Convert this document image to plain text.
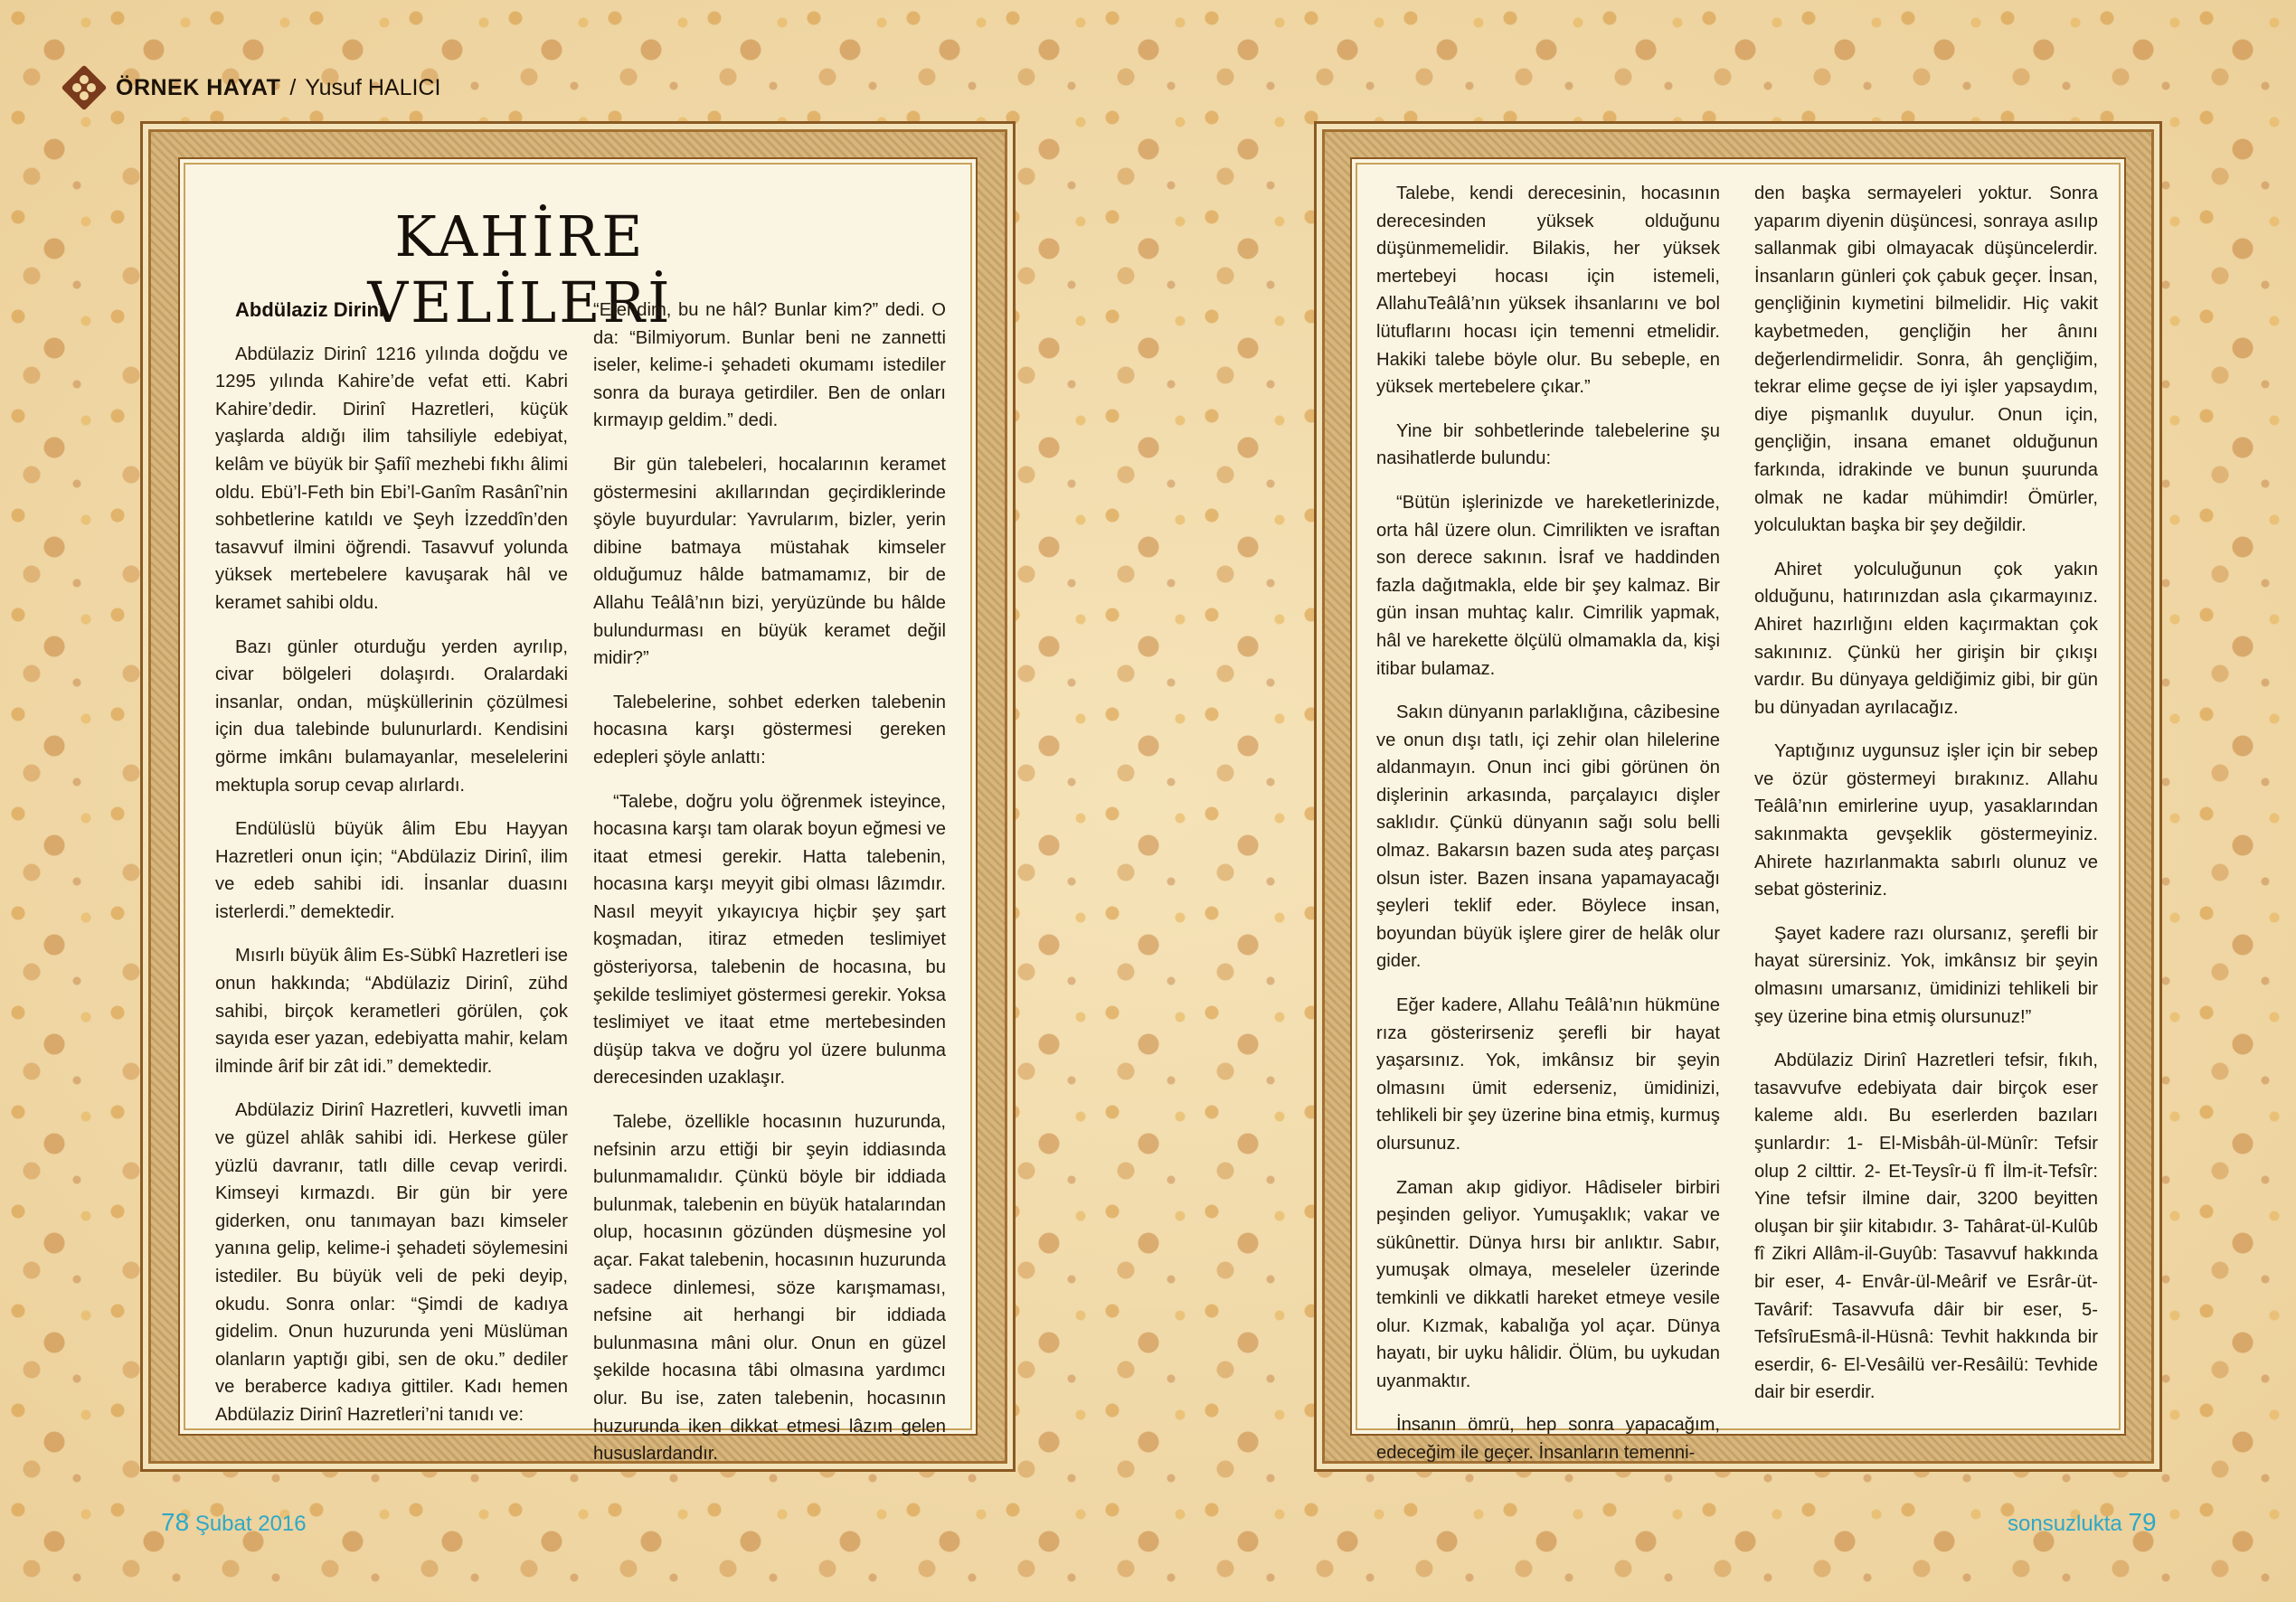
ÖRNEK HAYAT / Yusuf HALICI
KAHİRE VELİLERİ
Abdülaziz Dirinî

Abdülaziz Dirinî 1216 yılında doğdu ve 1295 yılında Kahire’de vefat etti. Kabri Kahire’dedir. Dirinî Hazretleri, küçük yaşlarda aldığı ilim tahsiliyle edebiyat, kelâm ve büyük bir Şafiî mezhebi fıkhı âlimi oldu. Ebü’l-Feth bin Ebi’l-Ganîm Rasânî’nin sohbetlerine katıldı ve Şeyh İzzeddîn’den tasavvuf ilmini öğrendi. Tasavvuf yolunda yüksek mertebelere kavuşarak hâl ve keramet sahibi oldu.

Bazı günler oturduğu yerden ayrılıp, civar bölgeleri dolaşırdı. Oralardaki insanlar, ondan, müşküllerinin çözülmesi için dua talebinde bulunurlardı. Kendisini görme imkânı bulamayanlar, meselelerini mektupla sorup cevap alırlardı.

Endülüslü büyük âlim Ebu Hayyan Hazretleri onun için; “Abdülaziz Dirinî, ilim ve edeb sahibi idi. İnsanlar duasını isterlerdi.” demektedir.

Mısırlı büyük âlim Es-Sübkî Hazretleri ise onun hakkında; “Abdülaziz Dirinî, zühd sahibi, birçok kerametleri görülen, çok sayıda eser yazan, edebiyatta mahir, kelam ilminde ârif bir zât idi.” demektedir.

Abdülaziz Dirinî Hazretleri, kuvvetli iman ve güzel ahlâk sahibi idi. Herkese güler yüzlü davranır, tatlı dille cevap verirdi. Kimseyi kırmazdı. Bir gün bir yere giderken, onu tanımayan bazı kimseler yanına gelip, kelime-i şehadeti söylemesini istediler. Bu büyük veli de peki deyip, okudu. Sonra onlar: “Şimdi de kadıya gidelim. Onun huzurunda yeni Müslüman olanların yaptığı gibi, sen de oku.” dediler ve beraberce kadıya gittiler. Kadı hemen Abdülaziz Dirinî Hazretleri’ni tanıdı ve:

“Efendim, bu ne hâl? Bunlar kim?” dedi. O da: “Bilmiyorum. Bunlar beni ne zannetti iseler, kelime-i şehadeti okumamı istediler sonra da buraya getirdiler. Ben de onları kırmayıp geldim.” dedi.

Bir gün talebeleri, hocalarının keramet göstermesini akıllarından geçirdiklerinde şöyle buyurdular: Yavrularım, bizler, yerin dibine batmaya müstahak kimseler olduğumuz hâlde batmamamız, bir de Allahu Teâlâ’nın bizi, yeryüzünde bu hâlde bulundurması en büyük keramet değil midir?”

Talebelerine, sohbet ederken talebenin hocasına karşı göstermesi gereken edepleri şöyle anlattı:

“Talebe, doğru yolu öğrenmek isteyince, hocasına karşı tam olarak boyun eğmesi ve itaat etmesi gerekir. Hatta talebenin, hocasına karşı meyyit gibi olması lâzımdır. Nasıl meyyit yıkayıcıya hiçbir şey şart koşmadan, itiraz etmeden teslimiyet gösteriyorsa, talebenin de hocasına, bu şekilde teslimiyet göstermesi gerekir. Yoksa teslimiyet ve itaat etme mertebesinden düşüp takva ve doğru yol üzere bulunma derecesinden uzaklaşır.

Talebe, özellikle hocasının huzurunda, nefsinin arzu ettiği bir şeyin iddiasında bulunmamalıdır. Çünkü böyle bir iddiada bulunmak, talebenin en büyük hatalarından olup, hocasının gözünden düşmesine yol açar. Fakat talebenin, hocasının huzurunda sadece dinlemesi, söze karışmaması, nefsine ait herhangi bir iddiada bulunmasına mâni olur. Onun en güzel şekilde hocasına tâbi olmasına yardımcı olur. Bu ise, zaten talebenin, hocasının huzurunda iken dikkat etmesi lâzım gelen hususlardandır.

Talebe, kendi derecesinin, hocasının derecesinden yüksek olduğunu düşünmemelidir. Bilakis, her yüksek mertebeyi hocası için istemeli, AllahuTeâlâ’nın yüksek ihsanlarını ve bol lütuflarını hocası için temenni etmelidir. Hakiki talebe böyle olur. Bu sebeple, en yüksek mertebelere çıkar.”

Yine bir sohbetlerinde talebelerine şu nasihatlerde bulundu:

“Bütün işlerinizde ve hareketlerinizde, orta hâl üzere olun. Cimrilikten ve israftan son derece sakının. İsraf ve haddinden fazla dağıtmakla, elde bir şey kalmaz. Bir gün insan muhtaç kalır. Cimrilik yapmak, hâl ve harekette ölçülü olmamakla da, kişi itibar bulamaz.

Sakın dünyanın parlaklığına, câzibesine ve onun dışı tatlı, içi zehir olan hilelerine aldanmayın. Onun inci gibi görünen ön dişlerinin arkasında, parçalayıcı dişler saklıdır. Çünkü dünyanın sağı solu belli olmaz. Bakarsın bazen suda ateş parçası olsun ister. Bazen insana yapamayacağı şeyleri teklif eder. Böylece insan, boyundan büyük işlere girer de helâk olur gider.

Eğer kadere, Allahu Teâlâ’nın hükmüne rıza gösterirseniz şerefli bir hayat yaşarsınız. Yok, imkânsız bir şeyin olmasını ümit ederseniz, ümidinizi, tehlikeli bir şey üzerine bina etmiş, kurmuş olursunuz.

Zaman akıp gidiyor. Hâdiseler birbiri peşinden geliyor. Yumuşaklık; vakar ve sükûnettir. Dünya hırsı bir anlıktır. Sabır, yumuşak olmaya, meseleler üzerinde temkinli ve dikkatli hareket etmeye vesile olur. Kızmak, kabalığa yol açar. Dünya hayatı, bir uyku hâlidir. Ölüm, bu uykudan uyanmaktır.

İnsanın ömrü, hep sonra yapacağım, edeceğim ile geçer. İnsanların temenni-

den başka sermayeleri yoktur. Sonra yaparım diyenin düşüncesi, sonraya asılıp sallanmak gibi olmayacak düşüncelerdir. İnsanların günleri çok çabuk geçer. İnsan, gençliğinin kıymetini bilmelidir. Hiç vakit kaybetmeden, gençliğin her ânını değerlendirmelidir. Sonra, âh gençliğim, tekrar elime geçse de iyi işler yapsaydım, diye pişmanlık duyulur. Onun için, gençliğin, insana emanet olduğunun farkında, idrakinde ve bunun şuurunda olmak ne kadar mühimdir! Ömürler, yolculuktan başka bir şey değildir.

Ahiret yolculuğunun çok yakın olduğunu, hatırınızdan asla çıkarmayınız. Ahiret hazırlığını elden kaçırmaktan çok sakınınız. Çünkü her girişin bir çıkışı vardır. Bu dünyaya geldiğimiz gibi, bir gün bu dünyadan ayrılacağız.

Yaptığınız uygunsuz işler için bir sebep ve özür göstermeyi bırakınız. Allahu Teâlâ’nın emirlerine uyup, yasaklarından sakınmakta gevşeklik göstermeyiniz. Ahirete hazırlanmakta sabırlı olunuz ve sebat gösteriniz.

Şayet kadere razı olursanız, şerefli bir hayat sürersiniz. Yok, imkânsız bir şeyin olmasını umarsanız, ümidinizi tehlikeli bir şey üzerine bina etmiş olursunuz!”

Abdülaziz Dirinî Hazretleri tefsir, fıkıh, tasavvufve edebiyata dair birçok eser kaleme aldı. Bu eserlerden bazıları şunlardır: 1- El-Misbâh-ül-Münîr: Tefsir olup 2 cilttir. 2- Et-Teysîr-ü fî İlm-it-Tefsîr: Yine tefsir ilmine dair, 3200 beyitten oluşan bir şiir kitabıdır. 3- Tahârat-ül-Kulûb fî Zikri Allâm-il-Guyûb: Tasavvuf hakkında bir eser, 4- Envâr-ül-Meârif ve Esrâr-üt-Tavârif: Tasavvufa dâir bir eser, 5- TefsîruEsmâ-il-Hüsnâ: Tevhit hakkında bir eserdir, 6- El-Vesâilü ver-Resâilü: Tevhide dair bir eserdir.

78 Şubat 2016	sonsuzlukta 79
